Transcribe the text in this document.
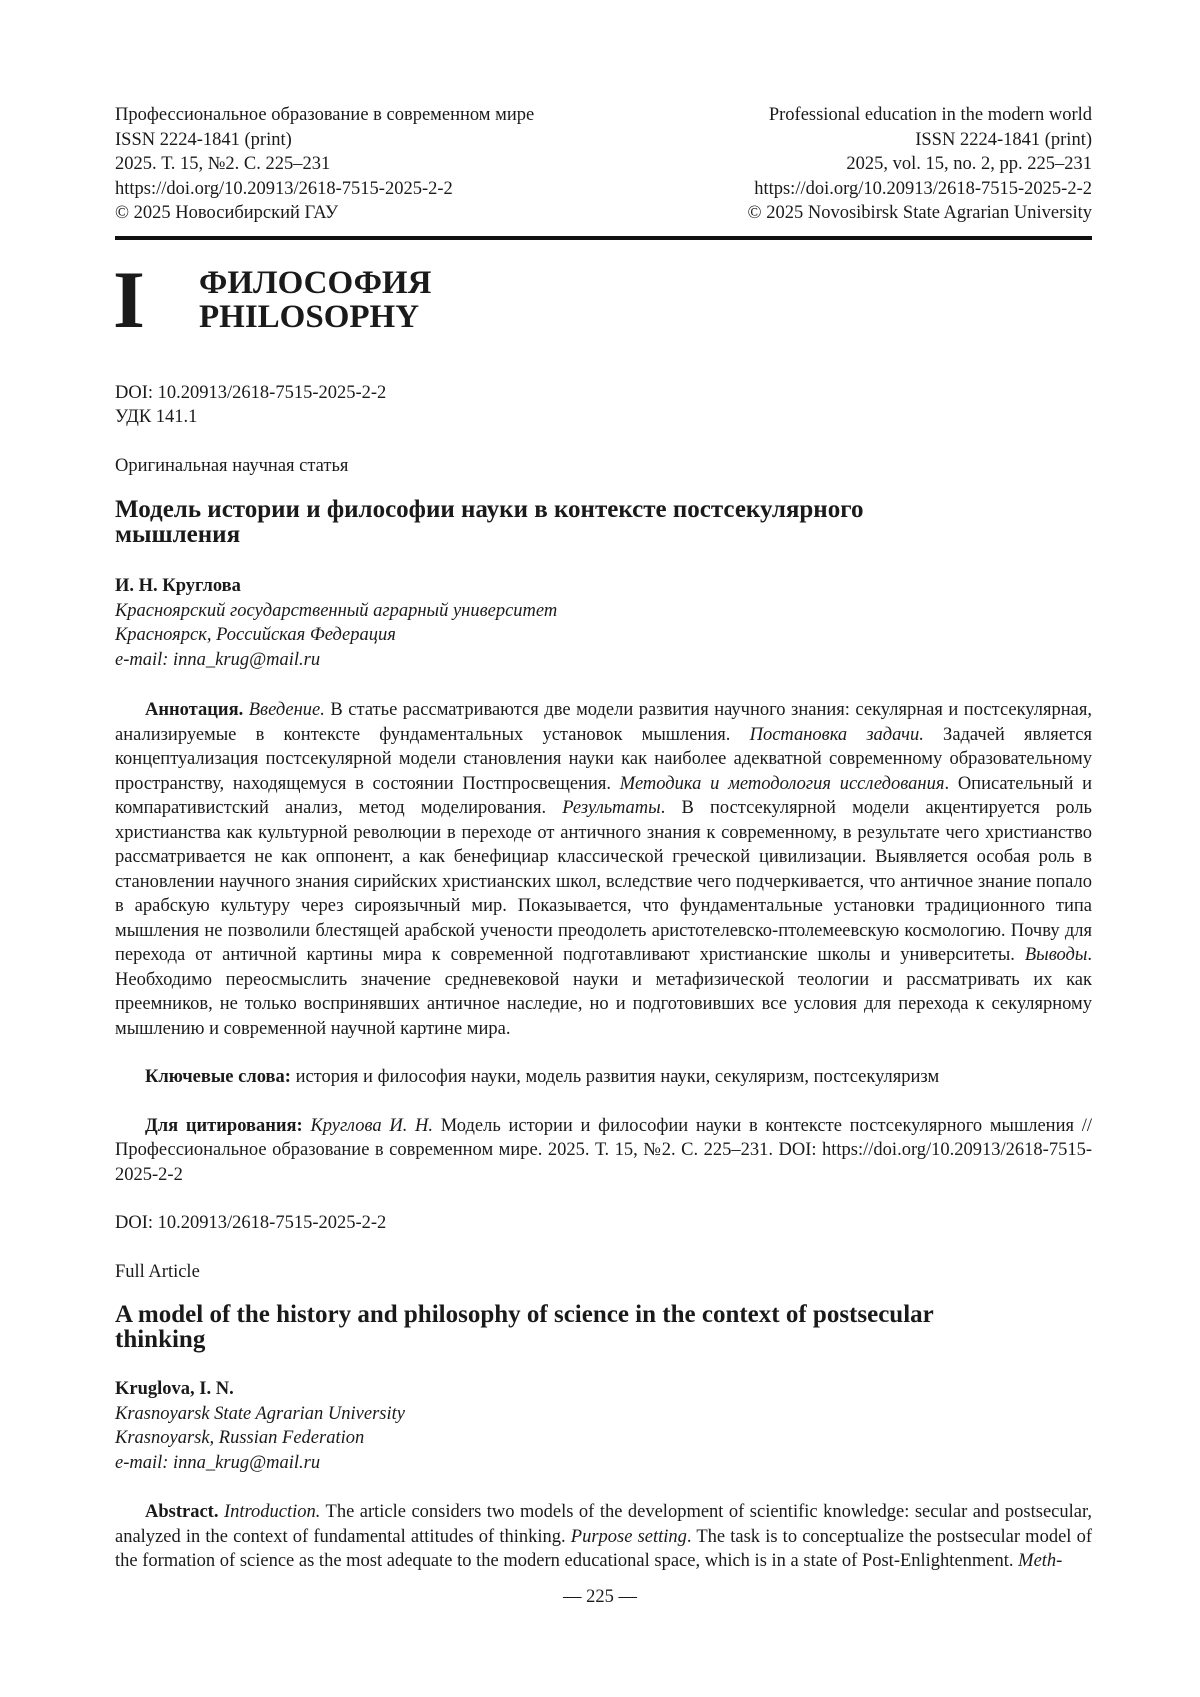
Профессиональное образование в современном мире
ISSN 2224-1841 (print)
2025. Т. 15, №2. С. 225–231
https://doi.org/10.20913/2618-7515-2025-2-2
© 2025 Новосибирский ГАУ
Professional education in the modern world
ISSN 2224-1841 (print)
2025, vol. 15, no. 2, pp. 225–231
https://doi.org/10.20913/2618-7515-2025-2-2
© 2025 Novosibirsk State Agrarian University
I	ФИЛОСОФИЯ
PHILOSOPHY
DOI: 10.20913/2618-7515-2025-2-2
УДК 141.1
Оригинальная научная статья
Модель истории и философии науки в контексте постсекулярного мышления
И. Н. Круглова
Красноярский государственный аграрный университет
Красноярск, Российская Федерация
e-mail: inna_krug@mail.ru
Аннотация. Введение. В статье рассматриваются две модели развития научного знания: секулярная и постсекулярная, анализируемые в контексте фундаментальных установок мышления. Постановка задачи. Задачей является концептуализация постсекулярной модели становления науки как наиболее адекватной современному образовательному пространству, находящемуся в состоянии Постпросвещения. Методика и методология исследования. Описательный и компаративистский анализ, метод моделирования. Результаты. В постсекулярной модели акцентируется роль христианства как культурной революции в переходе от античного знания к современному, в результате чего христианство рассматривается не как оппонент, а как бенефициар классической греческой цивилизации. Выявляется особая роль в становлении научного знания сирийских христианских школ, вследствие чего подчеркивается, что античное знание попало в арабскую культуру через сироязычный мир. Показывается, что фундаментальные установки традиционного типа мышления не позволили блестящей арабской учености преодолеть аристотелевско-птолемеевскую космологию. Почву для перехода от античной картины мира к современной подготавливают христианские школы и университеты. Выводы. Необходимо переосмыслить значение средневековой науки и метафизической теологии и рассматривать их как преемников, не только воспринявших античное наследие, но и подготовивших все условия для перехода к секулярному мышлению и современной научной картине мира.
Ключевые слова: история и философия науки, модель развития науки, секуляризм, постсекуляризм
Для цитирования: Круглова И. Н. Модель истории и философии науки в контексте постсекулярного мышления // Профессиональное образование в современном мире. 2025. Т. 15, №2. С. 225–231. DOI: https://doi.org/10.20913/2618-7515-2025-2-2
DOI: 10.20913/2618-7515-2025-2-2
Full Article
A model of the history and philosophy of science in the context of postsecular thinking
Kruglova, I. N.
Krasnoyarsk State Agrarian University
Krasnoyarsk, Russian Federation
e-mail: inna_krug@mail.ru
Abstract. Introduction. The article considers two models of the development of scientific knowledge: secular and postsecular, analyzed in the context of fundamental attitudes of thinking. Purpose setting. The task is to conceptualize the postsecular model of the formation of science as the most adequate to the modern educational space, which is in a state of Post-Enlightenment. Meth-
— 225 —
